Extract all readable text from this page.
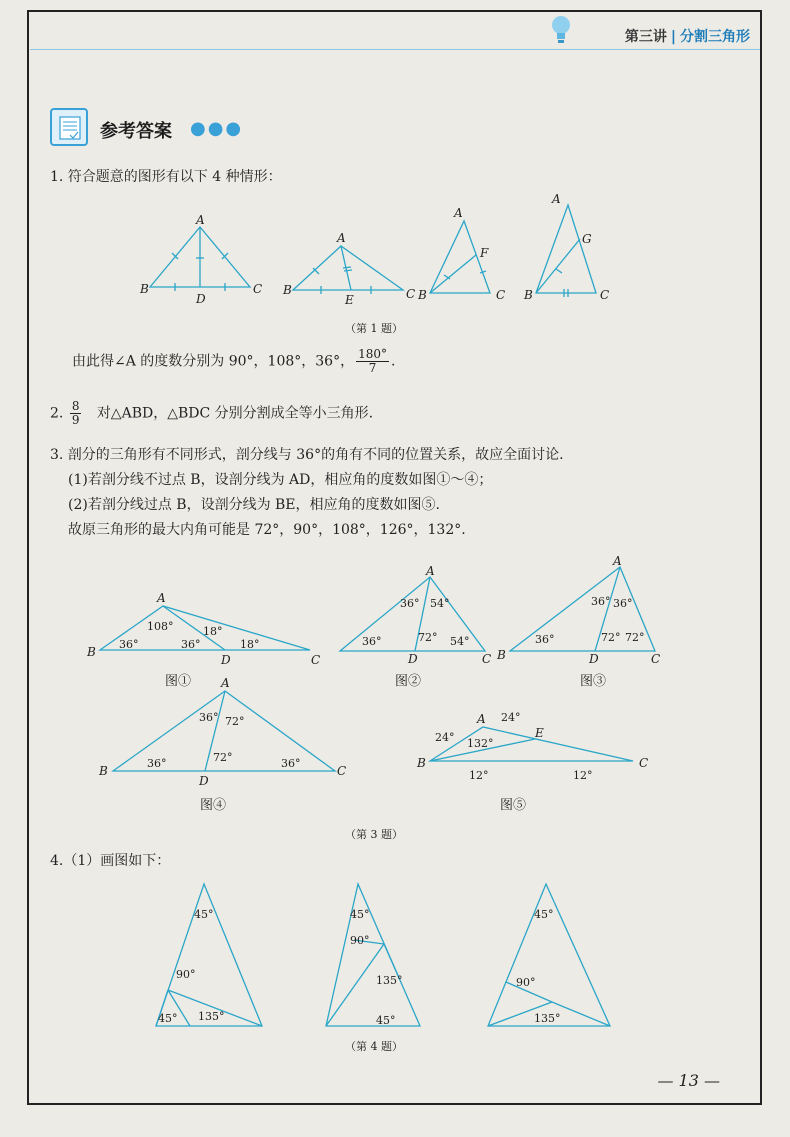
第三讲 | 分割三角形
参考答案 ●●●
1. 符合题意的图形有以下 4 种情形：
A
B	C
D
A
B	C
E
A
B	C
F
A
B	C
G
（第 1 题）
由此得∠A 的度数分别为 90°，108°，36°， $\frac{180^\circ}{7}$ .
2. $\frac{8}{9}$ 对△ABD，△BDC 分别分割成全等小三角形.
3. 剖分的三角形有不同形式，剖分线与 36°的角有不同的位置关系，故应全面讨论.
(1)若剖分线不过点 B，设剖分线为 AD，相应角的度数如图①～④；
(2)若剖分线过点 B，设剖分线为 BE，相应角的度数如图⑤.
故原三角形的最大内角可能是 72°，90°，108°，126°，132°.
A
B
C
D
36°
108°	18°
36°	18°
A
C
D
36° 54°
36°	72° 54°
A
B	C
D
36° 36°
36°	72° 72°
图①	图②	图③
A
B	C
D
36° 72°
36°	72°	36°
A
B	C
E
24°
24°
132°
12°	12°
图④	图⑤
（第 3 题）
4.（1）画图如下：
45°
90°
45° 135°
45°
90°
135°
45°
45°
90°
135°
（第 4 题）
— 13 —
